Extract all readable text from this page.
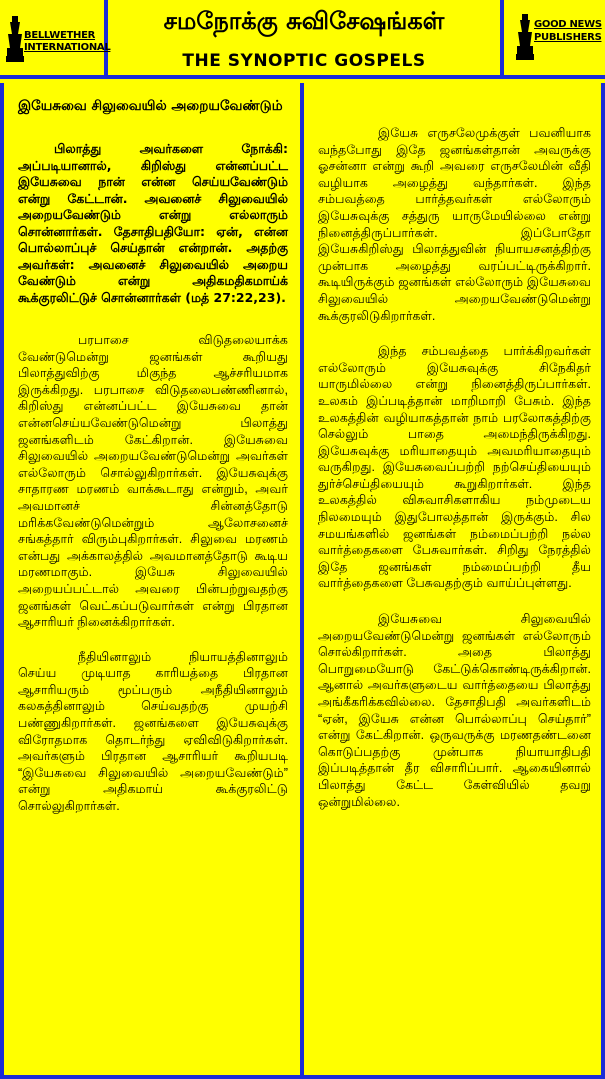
BELLWETHER
INTERNATIONAL
சமநோக்கு சுவிசேஷங்கள்
THE SYNOPTIC GOSPELS
GOOD NEWS
PUBLISHERS
இயேசுவை சிலுவையில் அறையவேண்டும்
பிலாத்து அவர்களை நோக்கி: அப்படியானால், கிறிஸ்து என்னப்பட்ட இயேசுவை நான் என்ன செய்யவேண்டும் என்று கேட்டான். அவனைச் சிலுவையில் அறையவேண்டும் என்று எல்லாரும் சொன்னார்கள். தேசாதிபதியோ: ஏன், என்ன பொல்லாப்புச் செய்தான் என்றான். அதற்கு அவர்கள்: அவனைச் சிலுவையில் அறைய வேண்டும் என்று அதிகமதிகமாய்க் கூக்குரலிட்டுச் சொன்னார்கள் (மத் 27:22,23).

பரபாசை விடுதலையாக்க வேண்டுமென்று ஜனங்கள் கூறியது பிலாத்துவிற்கு மிகுந்த ஆச்சரியமாக இருக்கிறது. பரபாசை விடுதலைபண்ணினால், கிறிஸ்து என்னப்பட்ட இயேசுவை தான் என்னசெய்யவேண்டுமென்று பிலாத்து ஜனங்களிடம் கேட்கிறான். இயேசுவை சிலுவையில் அறையவேண்டுமென்று அவர்கள் எல்லோரும் சொல்லுகிறார்கள். இயேசுவுக்கு சாதாரண மரணம் வாக்கூடாது என்றும், அவர் அவமானச் சின்னத்தோடு மரிக்கவேண்டுமென்றும் ஆலோசனைச் சங்கத்தார் விரும்புகிறார்கள். சிலுவை மரணம் என்பது அக்காலத்தில் அவமானத்தோடு கூடிய மரணமாகும். இயேசு சிலுவையில் அறையப்பட்டால் அவரை பின்பற்றுவதற்கு ஜனங்கள் வெட்கப்படுவார்கள் என்று பிரதான ஆசாரியர் நினைக்கிறார்கள்.

நீதியினாலும் நியாயத்தினாலும் செய்ய முடியாத காரியத்தை பிரதான ஆசாரியரும் மூப்பரும் அநீதியினாலும் கலகத்தினாலும் செய்வதற்கு முயற்சி பண்ணுகிறார்கள். ஜனங்களை இயேசுவுக்கு விரோதமாக தொடர்ந்து ஏவிவிடுகிறார்கள். அவர்களும் பிரதான ஆசாரியர் கூறியபடி “இயேசுவை சிலுவையில் அறையவேண்டும்” என்று அதிகமாய் கூக்குரலிட்டு சொல்லுகிறார்கள்.

இயேசு எருசலேமுக்குள் பவனியாக வந்தபோது இதே ஜனங்கள்தான் அவருக்கு ஓசன்னா என்று கூறி அவரை எருசலேமின் வீதி வழியாக அழைத்து வந்தார்கள். இந்த சம்பவத்தை பார்த்தவர்கள் எல்லோரும் இயேசுவுக்கு சத்துரு யாருமேயில்லை என்று நினைத்திருப்பார்கள். இப்போதோ இயேசுகிறிஸ்து பிலாத்துவின் நியாயசனத்திற்கு முன்பாக அழைத்து வரப்பட்டிருக்கிறார். கூடியிருக்கும் ஜனங்கள் எல்லோரும் இயேசுவை சிலுவையில் அறையவேண்டுமென்று கூக்குரலிடுகிறார்கள்.

இந்த சம்பவத்தை பார்க்கிறவர்கள் எல்லோரும் இயேசுவுக்கு சிநேகிதர் யாருமில்லை என்று நினைத்திருப்பார்கள். உலகம் இப்படித்தான் மாறிமாறி பேசும். இந்த உலகத்தின் வழியாகத்தான் நாம் பரலோகத்திற்கு செல்லும் பாதை அமைந்திருக்கிறது. இயேசுவுக்கு மரியாதையும் அவமரியாதையும் வருகிறது. இயேசுவைப்பற்றி நற்செய்தியையும் துர்ச்செய்தியையும் கூறுகிறார்கள். இந்த உலகத்தில் விசுவாசிகளாகிய நம்முடைய நிலமையும் இதுபோலத்தான் இருக்கும். சில சமயங்களில் ஜனங்கள் நம்மைப்பற்றி நல்ல வார்த்தைகளை பேசுவார்கள். சிறிது நேரத்தில் இதே ஜனங்கள் நம்மைப்பற்றி தீய வார்த்தைகளை பேசுவதற்கும் வாய்ப்புள்ளது.

இயேசுவை சிலுவையில் அறையவேண்டுமென்று ஜனங்கள் எல்லோரும் சொல்கிறார்கள். அதை பிலாத்து பொறுமையோடு கேட்டுக்கொண்டிருக்கிறான். ஆனால் அவர்களுடைய வார்த்தையை பிலாத்து அங்கீகரிக்கவில்லை. தேசாதிபதி அவர்களிடம் “ஏன், இயேசு என்ன பொல்லாப்பு செய்தார்” என்று கேட்கிறான். ஒருவருக்கு மரணதண்டனை கொடுப்பதற்கு முன்பாக நியாயாதிபதி இப்படித்தான் தீர விசாரிப்பார். ஆகையினால் பிலாத்து கேட்ட கேள்வியில் தவறு ஒன்றுமில்லை.
